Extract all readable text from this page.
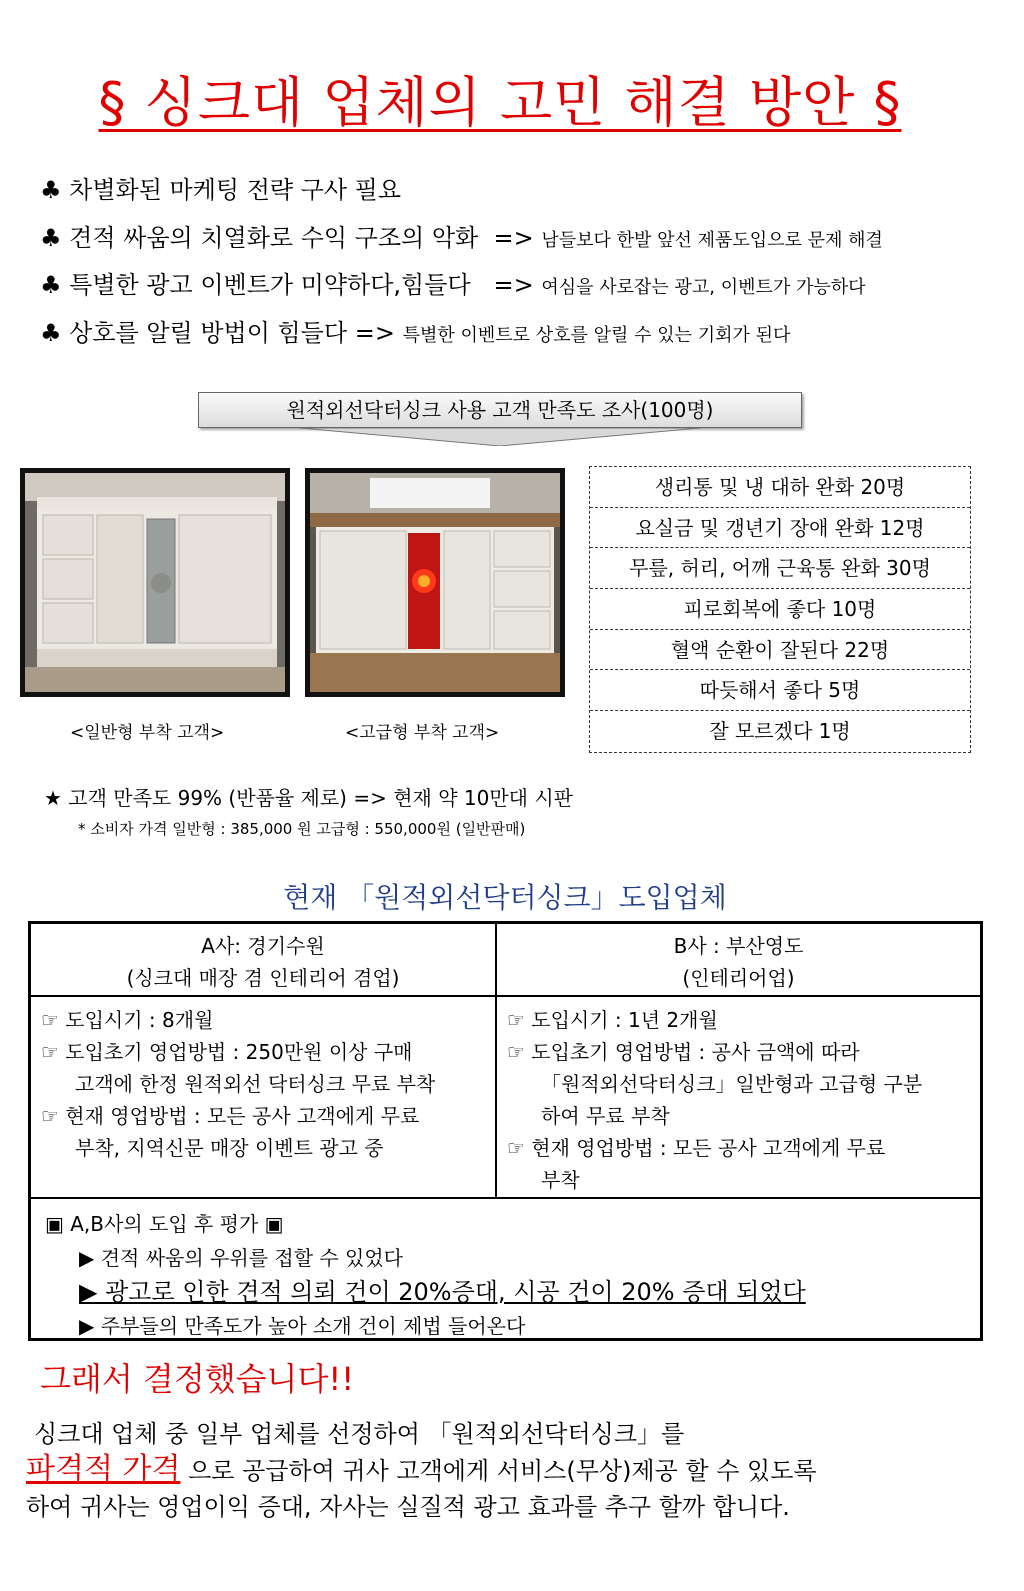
§ 싱크대 업체의 고민 해결 방안 §
♣ 차별화된 마케팅 전략 구사 필요
♣ 견적 싸움의 치열화로 수익 구조의 악화 => 남들보다 한발 앞선 제품도입으로 문제 해결
♣ 특별한 광고 이벤트가 미약하다,힘들다 => 여심을 사로잡는 광고, 이벤트가 가능하다
♣ 상호를 알릴 방법이 힘들다 => 특별한 이벤트로 상호를 알릴 수 있는 기회가 된다
원적외선닥터싱크 사용 고객 만족도 조사(100명)
<일반형 부착 고객>	<고급형 부착 고객>
생리통 및 냉 대하 완화 20명
요실금 및 갱년기 장애 완화 12명
무릎, 허리, 어깨 근육통 완화 30명
피로회복에 좋다 10명
혈액 순환이 잘된다 22명
따듯해서 좋다 5명
잘 모르겠다 1명
★ 고객 만족도 99% (반품율 제로) => 현재 약 10만대 시판
* 소비자 가격 일반형 : 385,000 원 고급형 : 550,000원 (일반판매)
현재 「원적외선닥터싱크」도입업체

A사: 경기수원

(싱크대 매장 겸 인테리어 겸업)

B사 : 부산영도

(인테리어업)

☞ 도입시기 : 8개월

☞ 도입초기 영업방법 : 250만원 이상 구매

고객에 한정 원적외선 닥터싱크 무료 부착

☞ 현재 영업방법 : 모든 공사 고객에게 무료

부착, 지역신문 매장 이벤트 광고 중

☞ 도입시기 : 1년 2개월

☞ 도입초기 영업방법 : 공사 금액에 따라

「원적외선닥터싱크」일반형과 고급형 구분

하여 무료 부착

☞ 현재 영업방법 : 모든 공사 고객에게 무료

부착

▣ A,B사의 도입 후 평가 ▣

▶ 견적 싸움의 우위를 접할 수 있었다

▶ 광고로 인한 견적 의뢰 건이 20%증대, 시공 건이 20% 증대 되었다

▶ 주부들의 만족도가 높아 소개 건이 제법 들어온다

그래서 결정했습니다!!

싱크대 업체 중 일부 업체를 선정하여 「원적외선닥터싱크」를

파격적 가격 으로 공급하여 귀사 고객에게 서비스(무상)제공 할 수 있도록

하여 귀사는 영업이익 증대, 자사는 실질적 광고 효과를 추구 할까 합니다.
